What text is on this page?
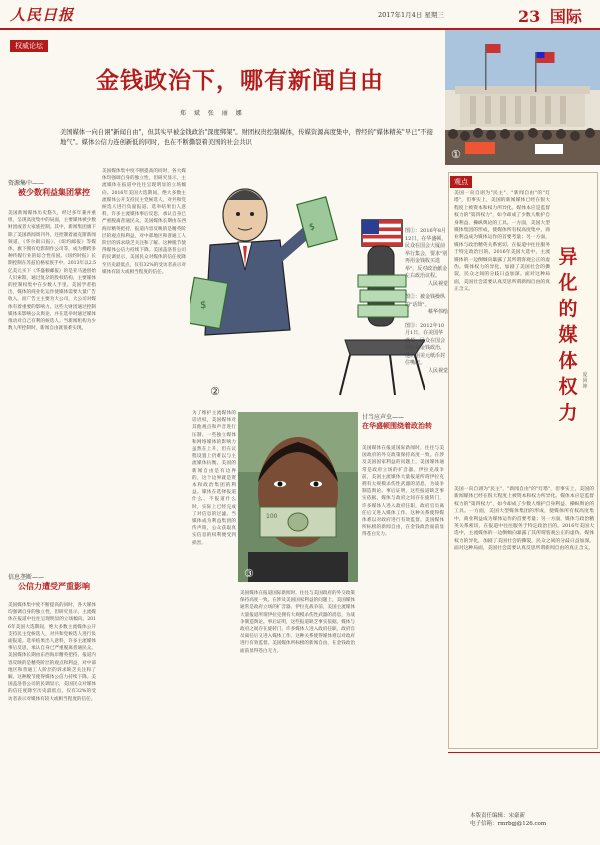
人民日报	2017年1月4日 星期三	23 国际
①
权威论坛
金钱政治下，哪有新闻自由
郑 斌 张 丽 娜
美国媒体一向自诩"新闻自由"，但其实早被金钱政治"深度绑架"。财团权贵控制媒体，传媒资源高度集中，曾经的"媒体精英"早已"不接地气"。媒体公信力连创新低的同时，也在不断撕裂着美国的社会共识
资源集中——
被少数利益集团掌控
美国新闻媒体历史悠久，经过多年兼并重组，呈现高度集中的局面，主要媒体被少数财团或者大家族控制。其中，新闻集团旗下除了美国新闻周刊外，还控制着福克斯新闻频道、《华尔街日报》、《纽约邮报》等媒体，旗下拥有电影制作公司等，成为横跨多种传媒行业的综合性帝国。《纽约时报》长期控制在苏兹伯格家族手中。2013年以2.5亿美元买下《华盛顿邮报》的是亚马逊创始人贝索斯。通过复杂的股权结构，主要媒体的控制权集中在少数人手里。美国学者指出，媒体的商业化运作使媒体需要大量广告收入，而广告主主要为大公司，大公司对媒体有着重要的影响力。这些大财团通过控制媒体来影响公众舆论，并在选举时通过媒体推动对自己有利的候选人。当新闻机构为少数人所控制时，新闻自由就很难实现。
信息垄断——
公信力遭受严重影响
美国媒体集中度不断提高的同时，各大媒体均强调自身的独立性，但研究显示，主流媒体在报道中往往呈现明显的立场倾向。2016年美国大选期间，绝大多数主流媒体公开支持民主党候选人，对共和党候选人进行负面报道。选举结果出人意料，许多主流媒体事后反思，承认自身已严重脱离普通民众。美国媒体长期由东西海岸精英把持，报道内容反映的是精英阶层的观点和利益，对中部地区和普通工人阶层的诉求缺乏关注和了解。这种脱节使得媒体公信力持续下降。美国盖洛普公司的民调显示，美国民众对媒体的信任度降至历史最低点，仅有32%的受访者表示对媒体有较大或相当程度的信任。
美国媒体集中度不断提高的同时，各大媒体均强调自身的独立性，但研究显示，主流媒体在报道中往往呈现明显的立场倾向。2016年美国大选期间，绝大多数主流媒体公开支持民主党候选人，对共和党候选人进行负面报道。选举结果出人意料，许多主流媒体事后反思，承认自身已严重脱离普通民众。美国媒体长期由东西海岸精英把持，报道内容反映的是精英阶层的观点和利益，对中部地区和普通工人阶层的诉求缺乏关注和了解。这种脱节使得媒体公信力持续下降。美国盖洛普公司的民调显示，美国民众对媒体的信任度降至历史最低点，仅有32%的受访者表示对媒体有较大或相当程度的信任。
$
$
②
图①：2016年8月12日，在华盛顿，民众在国会大厦前举行集会，要求"别再用金钱收买选举"，反对政治献金左右政治议程。
人民视觉
图②：被金钱操纵的"话筒"。
蔡华伟绘
图③：2012年10月1日，在美国华盛顿，民众在国会前抗议金钱政治，他们用美元纸币封住嘴巴。
人民视觉
为了维护主流媒体的话语权，美国媒体对其他观点和声音进行压制。一些独立媒体和网络媒体的影响力虽然在上升，但在议程设置上仍难以与主流媒体抗衡。美国的新闻自由是有边界的，这个边界就是资本和政治集团的利益。媒体在选择报道什么、不报道什么时，实际上已经完成了对信息的过滤。当媒体成为利益集团的传声筒，公众获取真实信息的权利便受到损害。
100
③
美国媒体在报道国际新闻时，往往与美国政府的外交政策保持高度一致。在涉及美国国家利益的问题上，美国媒体通常是政府立场的扩音器。伊拉克战争前，美国主流媒体大量报道所谓伊拉克拥有大规模杀伤性武器的消息，为战争制造舆论。事后证明，这些报道缺乏事实依据。媒体与政府之间存在旋转门，许多媒体人进入政府任职，政府官员离任后又进入媒体工作。这种关系使得媒体难以对政府进行有效监督。美国媒体所标榜的新闻自由，在金钱政治面前显得苍白无力。
甘当应声虫——
在华盛顿围绕着政治转
美国媒体在报道国际新闻时，往往与美国政府的外交政策保持高度一致。在涉及美国国家利益的问题上，美国媒体通常是政府立场的扩音器。伊拉克战争前，美国主流媒体大量报道所谓伊拉克拥有大规模杀伤性武器的消息，为战争制造舆论。事后证明，这些报道缺乏事实依据。媒体与政府之间存在旋转门，许多媒体人进入政府任职，政府官员离任后又进入媒体工作。这种关系使得媒体难以对政府进行有效监督。美国媒体所标榜的新闻自由，在金钱政治面前显得苍白无力。
观点
异化的媒体权力
庞 回 坤
美国一向自诩为"民主"、"新闻自由"的"灯塔"，但事实上，美国的新闻媒体已经在很大程度上被资本和权力所异化。媒体本应是监督权力的"第四权力"，如今却成了少数人维护自身利益、操纵舆论的工具。一方面，美国大型媒体集团的形成，使媒体所有权高度集中，商业利益成为媒体运作的首要考量；另一方面，媒体与政治精英关系密切，在报道中往往服务于特定政治目的。2016年美国大选中，主流媒体的一边倒倾向暴露了其所谓客观公正的虚伪。媒体权力的异化，加剧了美国社会的撕裂，民众之间的分歧日益加深。面对这种局面，美国社会需要认真反思所谓新闻自由的真正含义。
美国一向自诩为"民主"、"新闻自由"的"灯塔"，但事实上，美国的新闻媒体已经在很大程度上被资本和权力所异化。媒体本应是监督权力的"第四权力"，如今却成了少数人维护自身利益、操纵舆论的工具。一方面，美国大型媒体集团的形成，使媒体所有权高度集中，商业利益成为媒体运作的首要考量；另一方面，媒体与政治精英关系密切，在报道中往往服务于特定政治目的。2016年美国大选中，主流媒体的一边倒倾向暴露了其所谓客观公正的虚伪。媒体权力的异化，加剧了美国社会的撕裂，民众之间的分歧日益加深。面对这种局面，美国社会需要认真反思所谓新闻自由的真正含义。
本版责任编辑：宋豪新
电子信箱：rmrbgj@126.com
